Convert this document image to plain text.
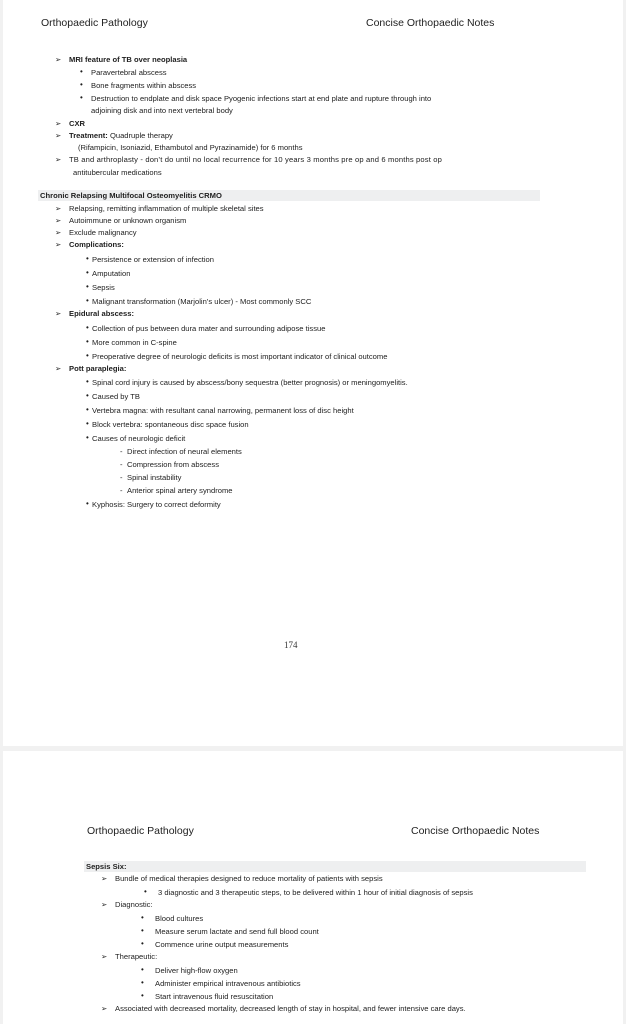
Orthopaedic Pathology	Concise Orthopaedic Notes
➢ MRI feature of TB over neoplasia
• Paravertebral abscess
• Bone fragments within abscess
• Destruction to endplate and disk space Pyogenic infections start at end plate and rupture through into
adjoining disk and into next vertebral body
➢ CXR
➢ Treatment: Quadruple therapy
(Rifampicin, Isoniazid, Ethambutol and Pyrazinamide) for 6 months
➢ TB and arthroplasty - don’t do until no local recurrence for 10 years 3 months pre op and 6 months post op
antitubercular medications
Chronic Relapsing Multifocal Osteomyelitis CRMO
➢ Relapsing, remitting inflammation of multiple skeletal sites
➢ Autoimmune or unknown organism
➢ Exclude malignancy
➢ Complications:
• Persistence or extension of infection
• Amputation
• Sepsis
• Malignant transformation (Marjolin’s ulcer) - Most commonly SCC
➢ Epidural abscess:
• Collection of pus between dura mater and surrounding adipose tissue
• More common in C-spine
• Preoperative degree of neurologic deficits is most important indicator of clinical outcome
➢ Pott paraplegia:
• Spinal cord injury is caused by abscess/bony sequestra (better prognosis) or meningomyelitis.
• Caused by TB
• Vertebra magna: with resultant canal narrowing, permanent loss of disc height
• Block vertebra: spontaneous disc space fusion
• Causes of neurologic deficit
- Direct infection of neural elements
- Compression from abscess
- Spinal instability
- Anterior spinal artery syndrome
• Kyphosis: Surgery to correct deformity
174
Orthopaedic Pathology	Concise Orthopaedic Notes
Sepsis Six:
➢ Bundle of medical therapies designed to reduce mortality of patients with sepsis
• 3 diagnostic and 3 therapeutic steps, to be delivered within 1 hour of initial diagnosis of sepsis
➢ Diagnostic:
• Blood cultures
• Measure serum lactate and send full blood count
• Commence urine output measurements
➢ Therapeutic:
• Deliver high-flow oxygen
• Administer empirical intravenous antibiotics
• Start intravenous fluid resuscitation
➢ Associated with decreased mortality, decreased length of stay in hospital, and fewer intensive care days.
